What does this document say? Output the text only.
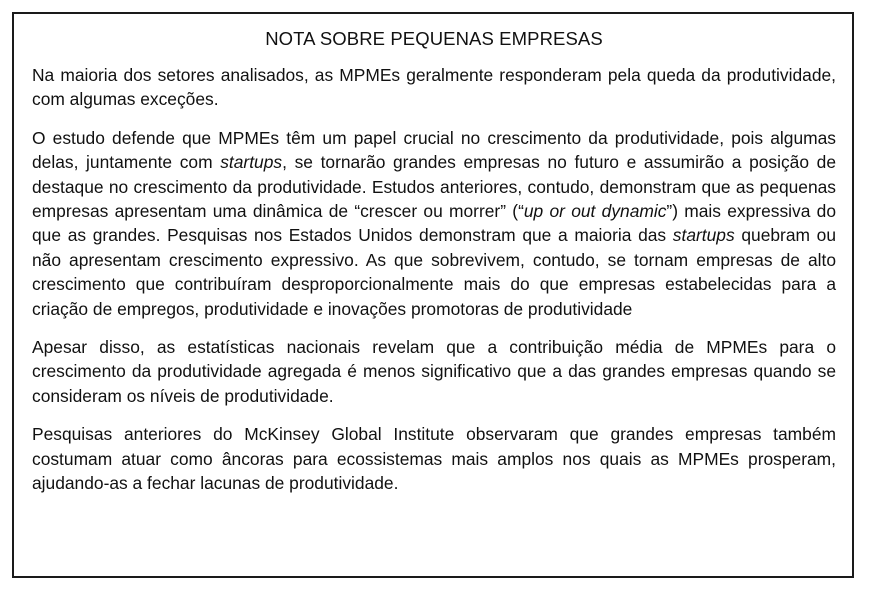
NOTA SOBRE PEQUENAS EMPRESAS

Na maioria dos setores analisados, as MPMEs geralmente responderam pela queda da produtividade, com algumas exceções.

O estudo defende que MPMEs têm um papel crucial no crescimento da produtividade, pois algumas delas, juntamente com startups, se tornarão grandes empresas no futuro e assumirão a posição de destaque no crescimento da produtividade. Estudos anteriores, contudo, demonstram que as pequenas empresas apresentam uma dinâmica de “crescer ou morrer” (“up or out dynamic”) mais expressiva do que as grandes. Pesquisas nos Estados Unidos demonstram que a maioria das startups quebram ou não apresentam crescimento expressivo. As que sobrevivem, contudo, se tornam empresas de alto crescimento que contribuíram desproporcionalmente mais do que empresas estabelecidas para a criação de empregos, produtividade e inovações promotoras de produtividade

Apesar disso, as estatísticas nacionais revelam que a contribuição média de MPMEs para o crescimento da produtividade agregada é menos significativo que a das grandes empresas quando se consideram os níveis de produtividade.

Pesquisas anteriores do McKinsey Global Institute observaram que grandes empresas também costumam atuar como âncoras para ecossistemas mais amplos nos quais as MPMEs prosperam, ajudando-as a fechar lacunas de produtividade.
